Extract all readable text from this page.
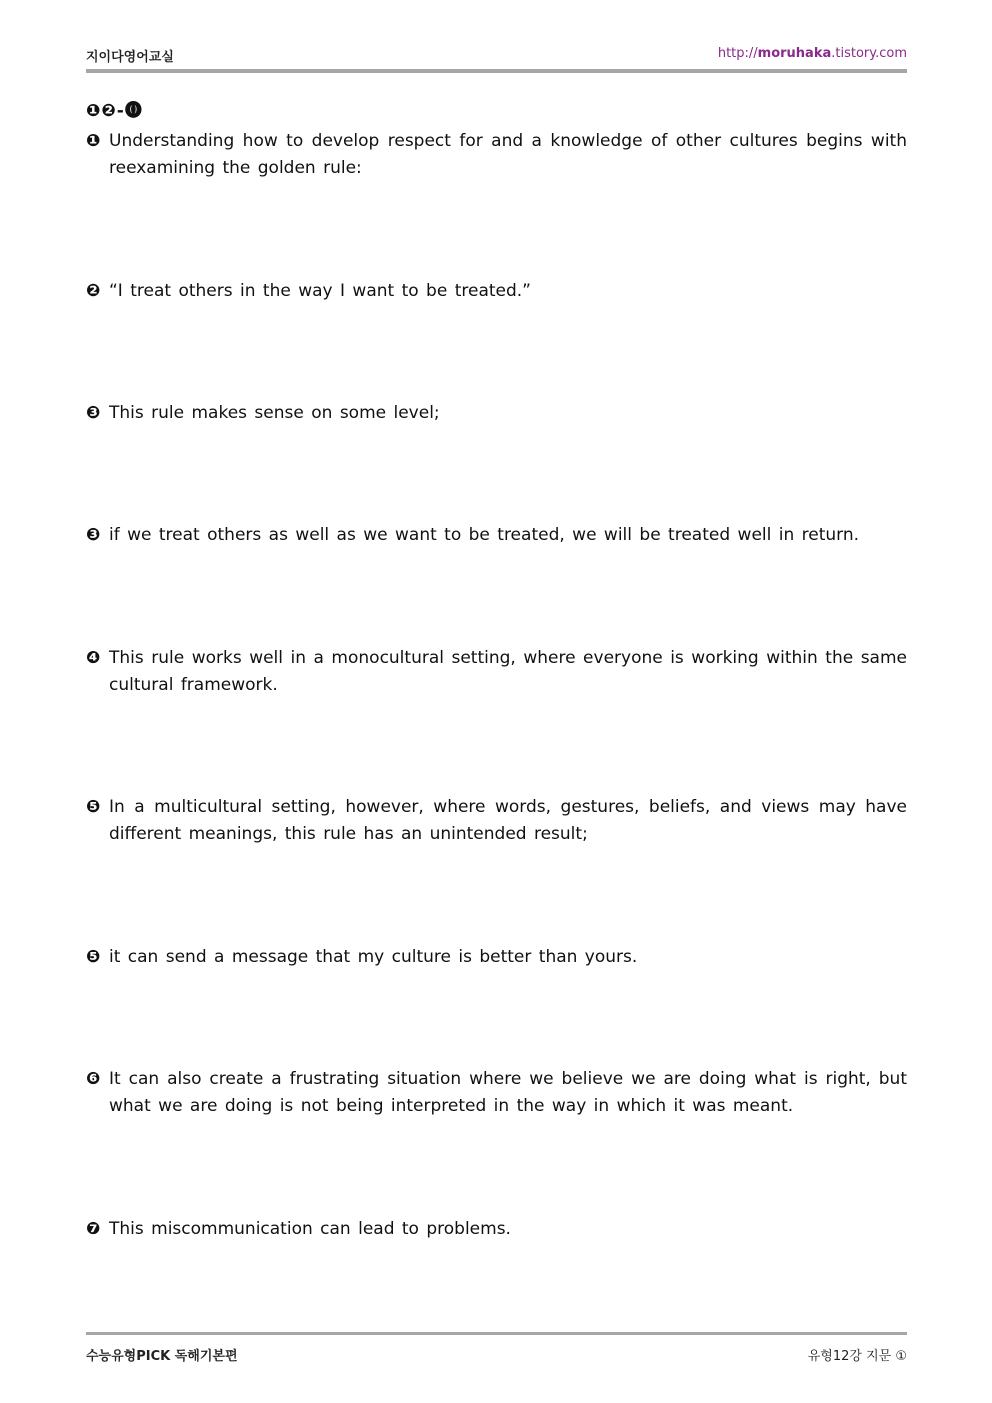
지이다영어교실	http://moruhaka.tistory.com
❶❷-⓿
❶ Understanding how to develop respect for and a knowledge of other cultures begins with reexamining the golden rule:
❷ “I treat others in the way I want to be treated.”
❸ This rule makes sense on some level;
❸ if we treat others as well as we want to be treated, we will be treated well in return.
❹ This rule works well in a monocultural setting, where everyone is working within the same cultural framework.
❺ In a multicultural setting, however, where words, gestures, beliefs, and views may have different meanings, this rule has an unintended result;
❺ it can send a message that my culture is better than yours.
❻ It can also create a frustrating situation where we believe we are doing what is right, but what we are doing is not being interpreted in the way in which it was meant.
❼ This miscommunication can lead to problems.
수능유형PICK 독해기본편	유형12강 지문 ①
